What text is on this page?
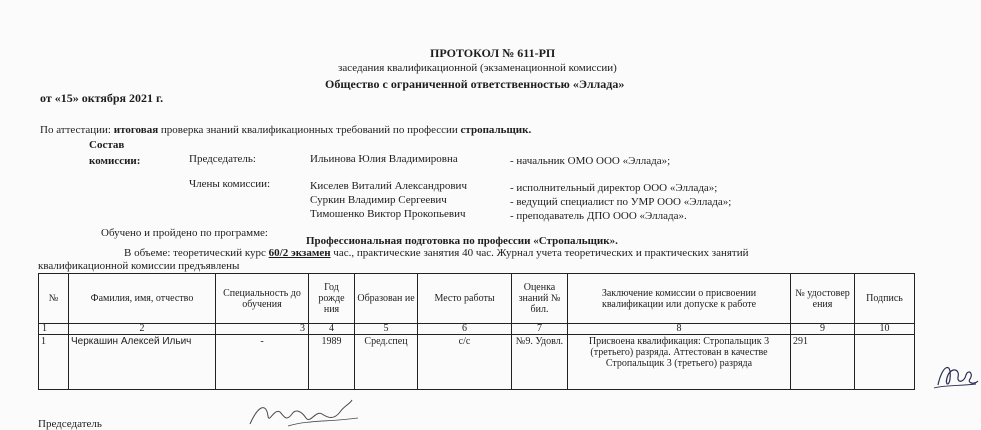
ПРОТОКОЛ № 611-РП
заседания квалификационной (экзаменационной комиссии)
Общество с ограниченной ответственностью «Эллада»
от «15» октября 2021 г.
По аттестации: итоговая проверка знаний квалификационных требований по профессии стропальщик.
Состав
комиссии:	Председатель:	Ильинова Юлия Владимировна	- начальник ОМО ООО «Эллада»;
Члены комиссии:	Киселев Виталий Александрович	- исполнительный директор ООО «Эллада»;
Суркин Владимир Сергеевич	- ведущий специалист по УМР ООО «Эллада»;
Тимошенко Виктор Прокопьевич	- преподаватель ДПО ООО «Эллада».
Обучено и пройдено по программе:
Профессиональная подготовка по профессии «Стропальщик».
В объеме: теоретический курс 60/2 экзамен час., практические занятия 40 час. Журнал учета теоретических и практических занятий
квалификационной комиссии предъявлены
№	Фамилия, имя, отчество	Специальность до обучения	Год рожде ния	Образован ие	Место работы	Оценка знаний № бил.	Заключение комиссии о присвоении квалификации или допуске к работе	№ удостовер ения	Подпись
1	2	3	4	5	6	7	8	9	10
1	Черкашин Алексей Ильич	-	1989	Сред.спец	с/с	№9. Удовл.	Присвоена квалификация: Стропальщик 3 (третьего) разряда. Аттестован в качестве Стропальщик 3 (третьего) разряда	291	
Председатель
